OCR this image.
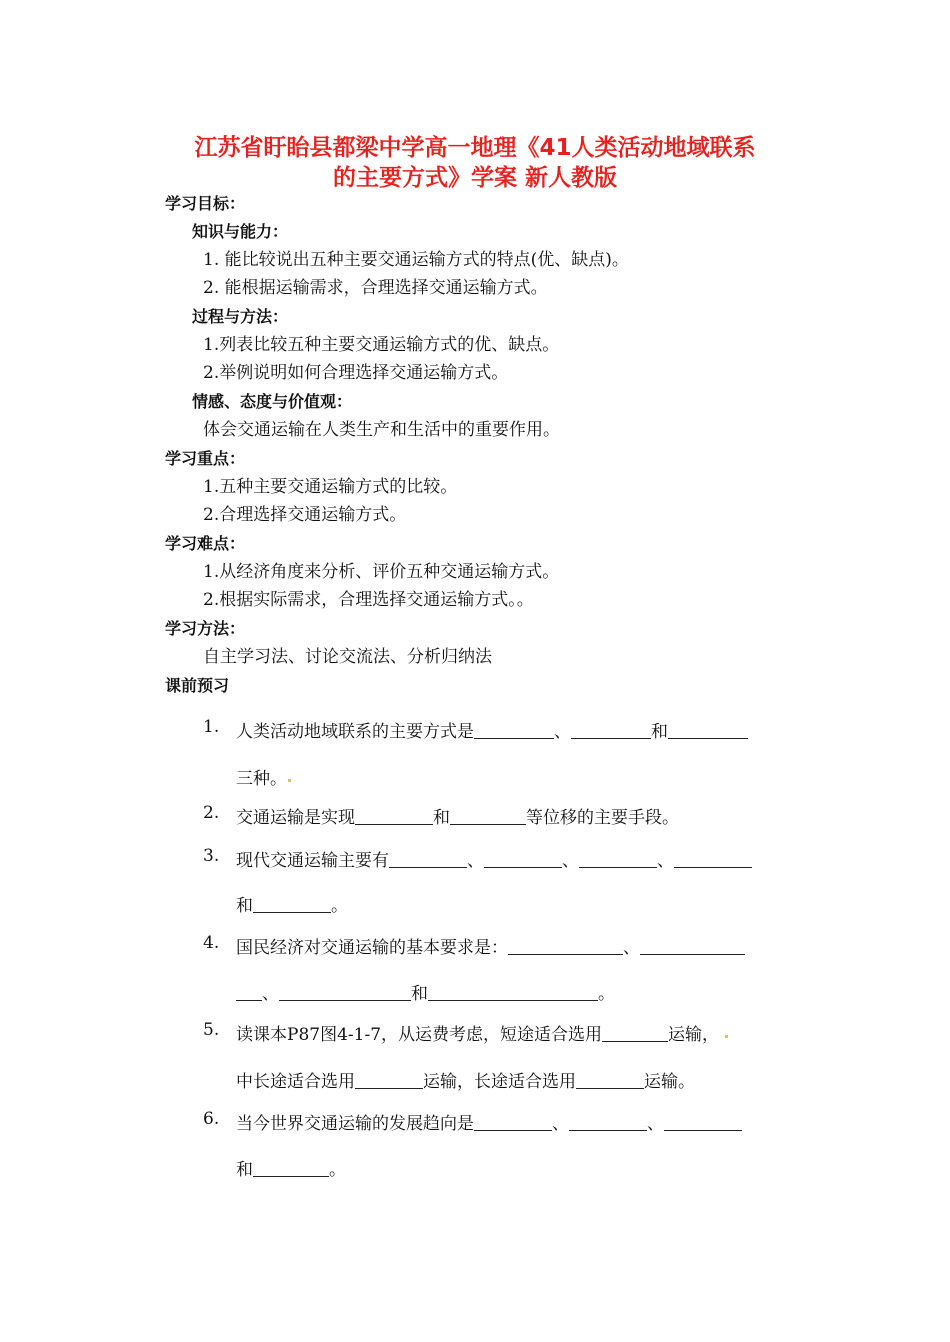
江苏省盱眙县都梁中学高一地理《41人类活动地域联系
的主要方式》学案 新人教版
学习目标：
知识与能力：
1. 能比较说出五种主要交通运输方式的特点(优、缺点)。
2. 能根据运输需求，合理选择交通运输方式。
过程与方法：
1.列表比较五种主要交通运输方式的优、缺点。
2.举例说明如何合理选择交通运输方式。
情感、态度与价值观：
体会交通运输在人类生产和生活中的重要作用。
学习重点：
1.五种主要交通运输方式的比较。
2.合理选择交通运输方式。
学习难点：
1.从经济角度来分析、评价五种交通运输方式。
2.根据实际需求，合理选择交通运输方式。。
学习方法：
自主学习法、讨论交流法、分析归纳法
课前预习
1. 人类活动地域联系的主要方式是	、	和
三种。
2. 交通运输是实现	和	等位移的主要手段。
3. 现代交通运输主要有	、	、	、
和	。
4. 国民经济对交通运输的基本要求是：	、
、	和	。
5. 读课本P87图4-1-7，从运费考虑，短途适合选用	运输，
中长途适合选用	运输，长途适合选用	运输。
6. 当今世界交通运输的发展趋向是	、	、
和	。
